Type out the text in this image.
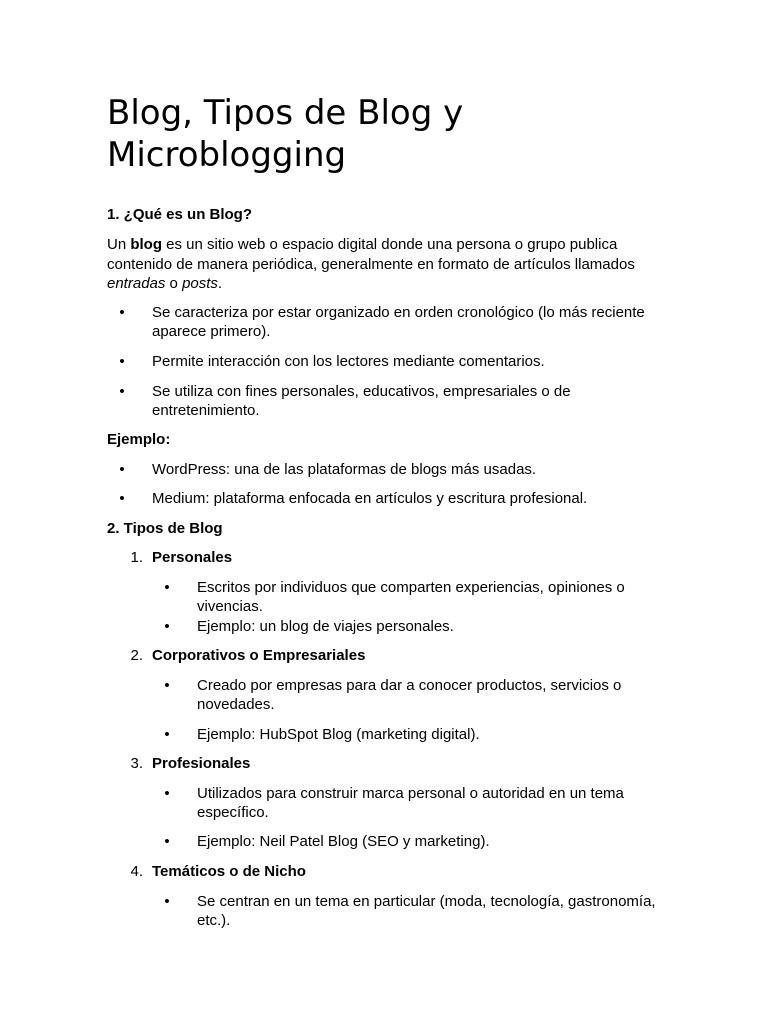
Blog, Tipos de Blog y Microblogging
1. ¿Qué es un Blog?
Un blog es un sitio web o espacio digital donde una persona o grupo publica
contenido de manera periódica, generalmente en formato de artículos llamados
entradas o posts.
•	Se caracteriza por estar organizado en orden cronológico (lo más reciente
aparece primero).
•	Permite interacción con los lectores mediante comentarios.
•	Se utiliza con fines personales, educativos, empresariales o de
entretenimiento.
Ejemplo:
•	WordPress: una de las plataformas de blogs más usadas.
•	Medium: plataforma enfocada en artículos y escritura profesional.
2. Tipos de Blog
1. Personales
•	Escritos por individuos que comparten experiencias, opiniones o
vivencias.
•	Ejemplo: un blog de viajes personales.
2. Corporativos o Empresariales
•	Creado por empresas para dar a conocer productos, servicios o
novedades.
•	Ejemplo: HubSpot Blog (marketing digital).
3. Profesionales
•	Utilizados para construir marca personal o autoridad en un tema
específico.
•	Ejemplo: Neil Patel Blog (SEO y marketing).
4. Temáticos o de Nicho
•	Se centran en un tema en particular (moda, tecnología, gastronomía,
etc.).
